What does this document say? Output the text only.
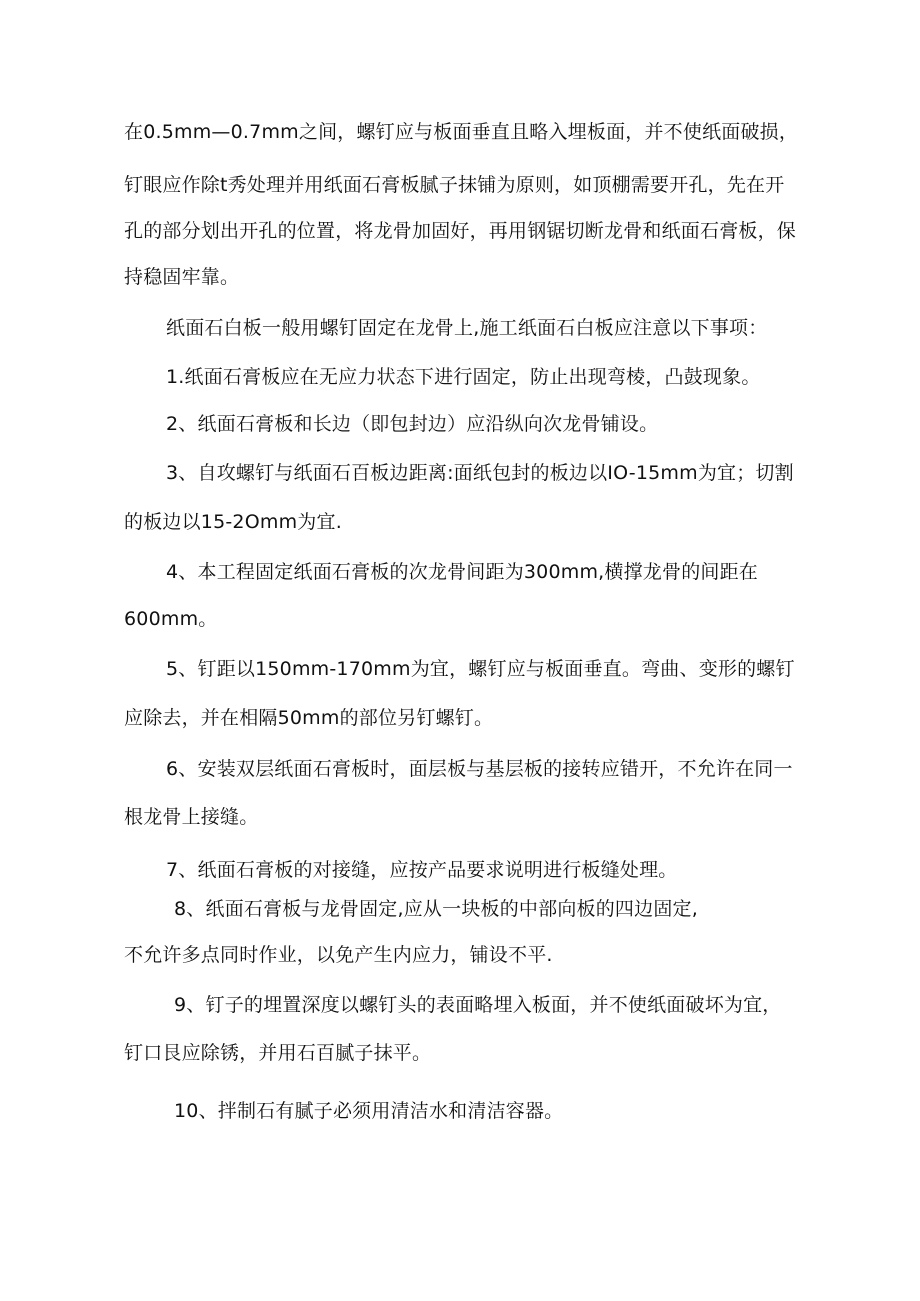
在0.5mm—0.7mm之间，螺钉应与板面垂直且略入埋板面，并不使纸面破损，
钉眼应作除t秀处理并用纸面石膏板腻子抹铺为原则，如顶棚需要开孔，先在开
孔的部分划出开孔的位置，将龙骨加固好，再用钢锯切断龙骨和纸面石膏板，保
持稳固牢靠。
纸面石白板一般用螺钉固定在龙骨上,施工纸面石白板应注意以下事项：
1.纸面石膏板应在无应力状态下进行固定，防止出现弯棱，凸鼓现象。
2、纸面石膏板和长边（即包封边）应沿纵向次龙骨铺设。
3、自攻螺钉与纸面石百板边距离:面纸包封的板边以IO-15mm为宜；切割
的板边以15-2Omm为宜.
4、本工程固定纸面石膏板的次龙骨间距为300mm,横撑龙骨的间距在
600mm。
5、钉距以150mm-170mm为宜，螺钉应与板面垂直。弯曲、变形的螺钉
应除去，并在相隔50mm的部位另钉螺钉。
6、安装双层纸面石膏板时，面层板与基层板的接转应错开，不允许在同一
根龙骨上接缝。
7、纸面石膏板的对接缝，应按产品要求说明进行板缝处理。
8、纸面石膏板与龙骨固定,应从一块板的中部向板的四边固定,
不允许多点同时作业，以免产生内应力，铺设不平.
9、钉子的埋置深度以螺钉头的表面略埋入板面，并不使纸面破坏为宜，
钉口艮应除锈，并用石百腻子抹平。
10、拌制石有腻子必须用清洁水和清洁容器。
